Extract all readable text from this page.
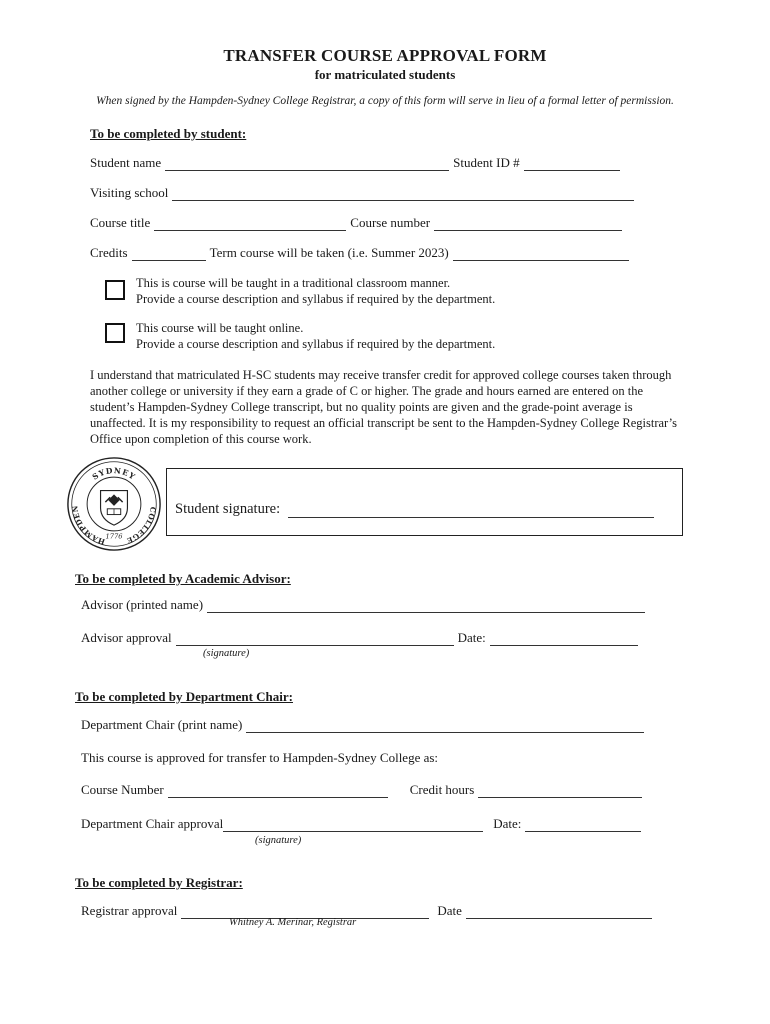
TRANSFER COURSE APPROVAL FORM
for matriculated students
When signed by the Hampden-Sydney College Registrar, a copy of this form will serve in lieu of a formal letter of permission.
To be completed by student:
Student name	Student ID #
Visiting school
Course title	Course number
Credits	Term course will be taken (i.e. Summer 2023)
This is course will be taught in a traditional classroom manner.
Provide a course description and syllabus if required by the department.
This course will be taught online.
Provide a course description and syllabus if required by the department.
I understand that matriculated H-SC students may receive transfer credit for approved college courses taken through another college or university if they earn a grade of C or higher. The grade and hours earned are entered on the student’s Hampden-Sydney College transcript, but no quality points are given and the grade-point average is unaffected. It is my responsibility to request an official transcript be sent to the Hampden-Sydney College Registrar’s Office upon completion of this course work.
SYDNEY
HAMPDEN	COLLEGE
1776
Student signature:
To be completed by Academic Advisor:
Advisor (printed name)
Advisor approval	Date:
(signature)
To be completed by Department Chair:
Department Chair (print name)
This course is approved for transfer to Hampden-Sydney College as:
Course Number	Credit hours
Department Chair approval	Date:
(signature)
To be completed by Registrar:
Registrar approval	Date
Whitney A. Merinar, Registrar
